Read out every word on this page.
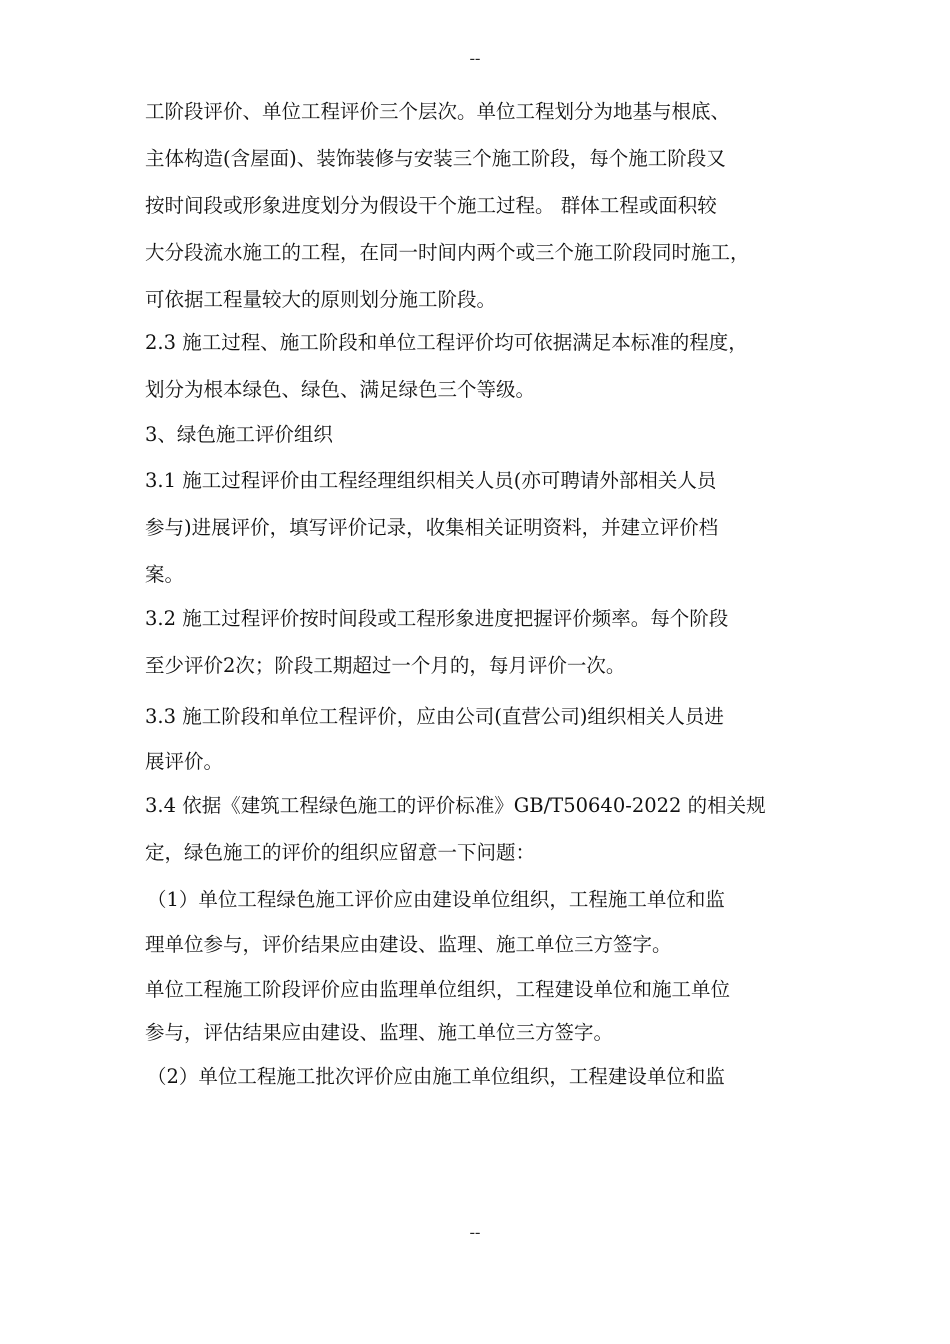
--
工阶段评价、单位工程评价三个层次。单位工程划分为地基与根底、
主体构造(含屋面)、装饰装修与安装三个施工阶段，每个施工阶段又
按时间段或形象进度划分为假设干个施工过程。 群体工程或面积较
大分段流水施工的工程，在同一时间内两个或三个施工阶段同时施工，
可依据工程量较大的原则划分施工阶段。
2.3 施工过程、施工阶段和单位工程评价均可依据满足本标准的程度，
划分为根本绿色、绿色、满足绿色三个等级。
3、绿色施工评价组织
3.1 施工过程评价由工程经理组织相关人员(亦可聘请外部相关人员
参与)进展评价，填写评价记录，收集相关证明资料，并建立评价档
案。
3.2 施工过程评价按时间段或工程形象进度把握评价频率。每个阶段
至少评价2次；阶段工期超过一个月的，每月评价一次。
3.3 施工阶段和单位工程评价，应由公司(直营公司)组织相关人员进
展评价。
3.4 依据《建筑工程绿色施工的评价标准》GB/T50640-2022 的相关规
定，绿色施工的评价的组织应留意一下问题：
（1）单位工程绿色施工评价应由建设单位组织，工程施工单位和监
理单位参与，评价结果应由建设、监理、施工单位三方签字。
单位工程施工阶段评价应由监理单位组织，工程建设单位和施工单位
参与，评估结果应由建设、监理、施工单位三方签字。
（2）单位工程施工批次评价应由施工单位组织，工程建设单位和监
--
